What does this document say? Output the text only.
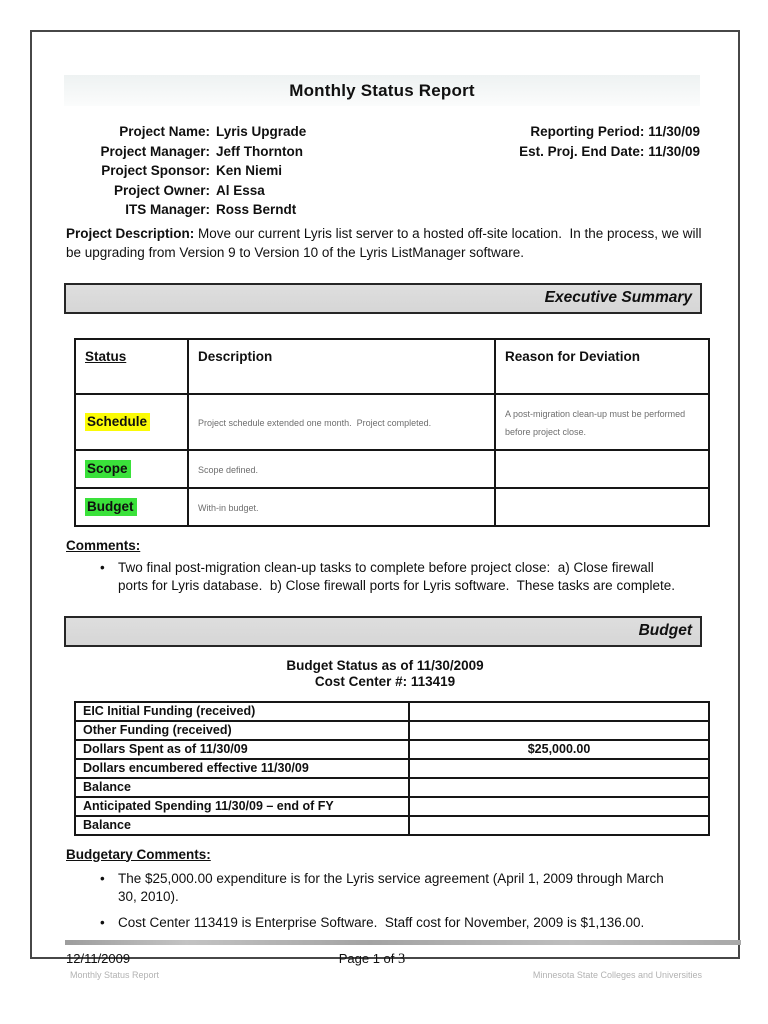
Monthly Status Report
Project Name: Lyris Upgrade
Project Manager: Jeff Thornton
Project Sponsor: Ken Niemi
Project Owner: Al Essa
ITS Manager: Ross Berndt
Reporting Period: 11/30/09
Est. Proj. End Date: 11/30/09
Project Description: Move our current Lyris list server to a hosted off-site location.  In the process, we will be upgrading from Version 9 to Version 10 of the Lyris ListManager software.
Executive Summary
Status	Description	Reason for Deviation
Schedule	Project schedule extended one month.  Project completed.	A post-migration clean-up must be performed before project close.
Scope	Scope defined.	
Budget	With-in budget.	
Comments:
• Two final post-migration clean-up tasks to complete before project close:  a) Close firewall ports for Lyris database.  b) Close firewall ports for Lyris software.  These tasks are complete.
Budget
Budget Status as of 11/30/2009
Cost Center #: 113419
EIC Initial Funding (received)	
Other Funding (received)	
Dollars Spent as of 11/30/09	$25,000.00
Dollars encumbered effective 11/30/09	
Balance	
Anticipated Spending 11/30/09 – end of FY	
Balance	
Budgetary Comments:
• The $25,000.00 expenditure is for the Lyris service agreement (April 1, 2009 through March 30, 2010).
• Cost Center 113419 is Enterprise Software.  Staff cost for November, 2009 is $1,136.00.
12/11/2009	Page 1 of 3
Monthly Status Report	Minnesota State Colleges and Universities
